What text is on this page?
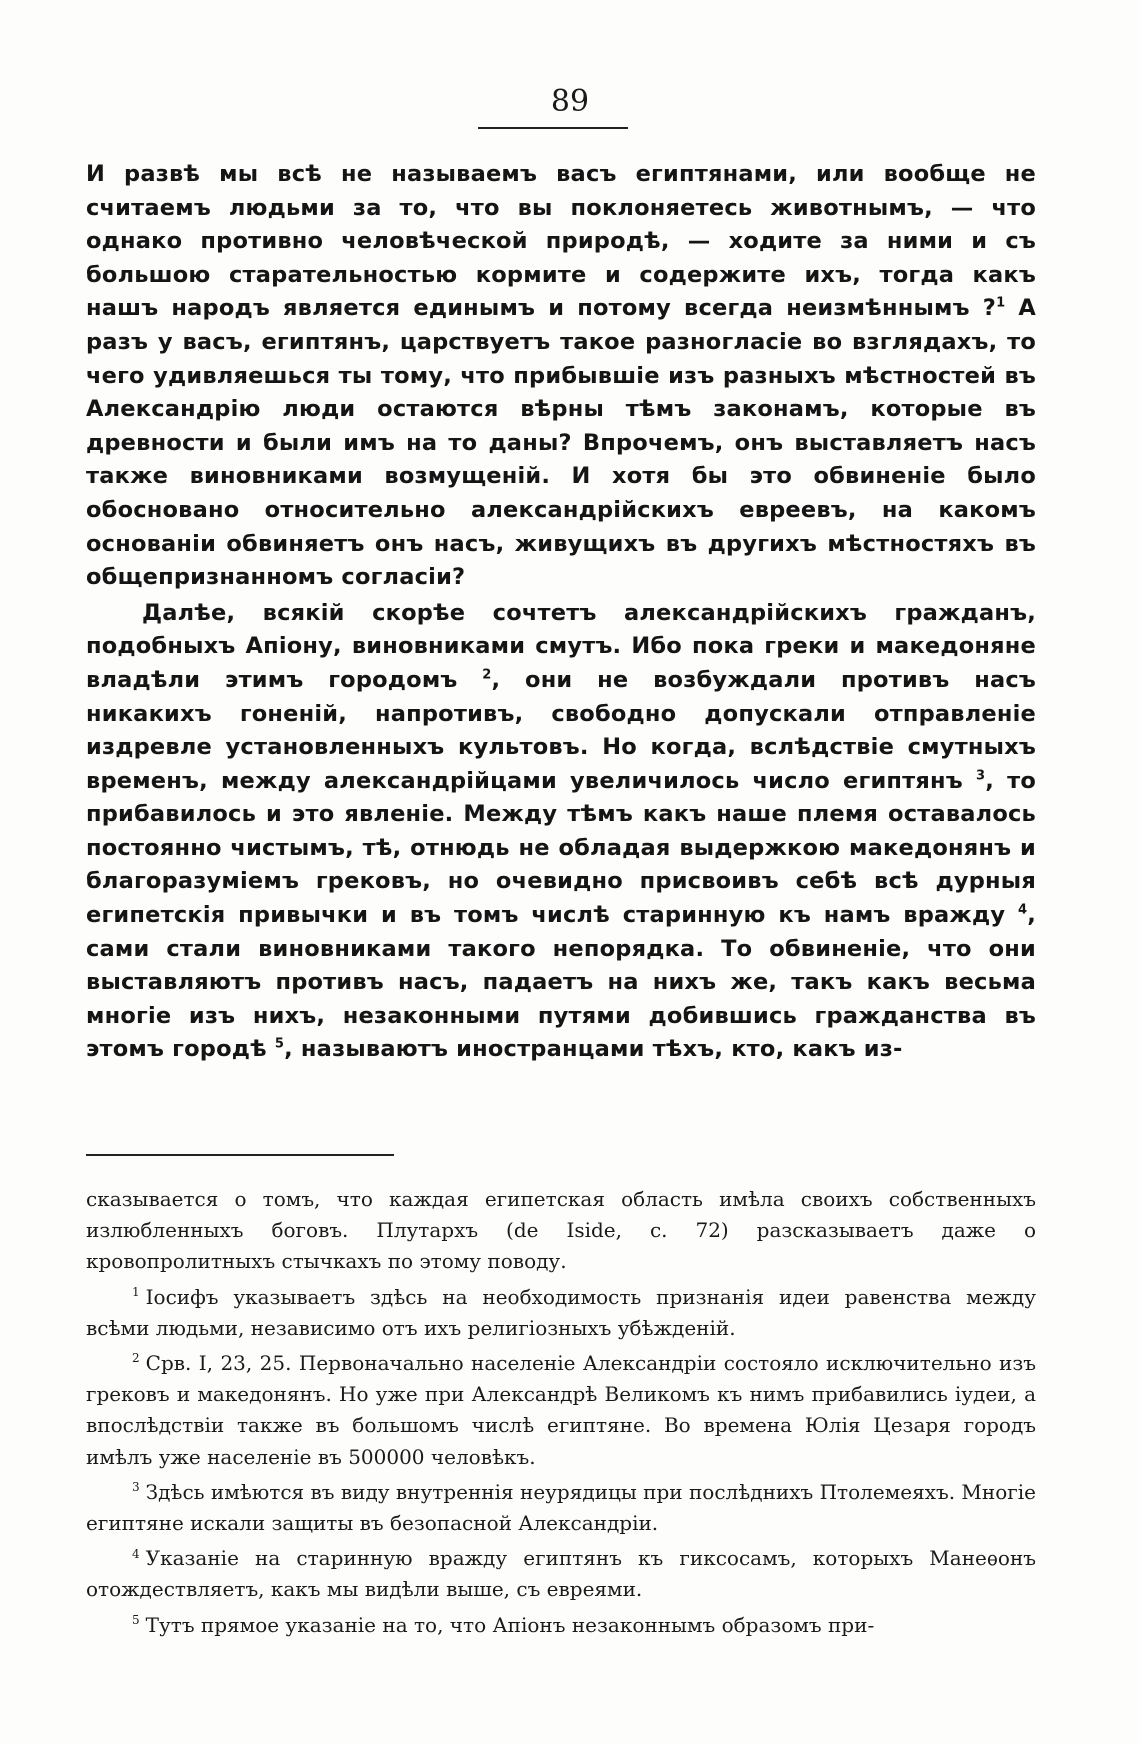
89

И развѣ мы всѣ не называемъ васъ египтянами, или вообще не считаемъ людьми за то, что вы поклоняетесь животнымъ, — что однако противно человѣческой природѣ, — ходите за ними и съ большою старательностью кормите и содержите ихъ, тогда какъ нашъ народъ является единымъ и потому всегда неизмѣннымъ ?$^1$ А разъ у васъ, египтянъ, царствуетъ такое разногласіе во взглядахъ, то чего удивляешься ты тому, что прибывшіе изъ разныхъ мѣстностей въ Александрію люди остаются вѣрны тѣмъ законамъ, которые въ древности и были имъ на то даны? Впрочемъ, онъ выставляетъ насъ также виновниками возмущеній. И хотя бы это обвиненіе было обосновано относительно александрійскихъ евреевъ, на какомъ основаніи обвиняетъ онъ насъ, живущихъ въ другихъ мѣстностяхъ въ общепризнанномъ согласіи?

Далѣе, всякій скорѣе сочтетъ александрійскихъ гражданъ, подобныхъ Апіону, виновниками смутъ. Ибо пока греки и македоняне владѣли этимъ городомъ $^2$, они не возбуждали противъ насъ никакихъ гоненій, напротивъ, свободно допускали отправленіе издревле установленныхъ культовъ. Но когда, вслѣдствіе смутныхъ временъ, между александрійцами увеличилось число египтянъ $^3$, то прибавилось и это явленіе. Между тѣмъ какъ наше племя оставалось постоянно чистымъ, тѣ, отнюдь не обладая выдержкою македонянъ и благоразуміемъ грековъ, но очевидно присвоивъ себѣ всѣ дурныя египетскія привычки и въ томъ числѣ старинную къ намъ вражду $^4$, сами стали виновниками такого непорядка. То обвиненіе, что они выставляютъ противъ насъ, падаетъ на нихъ же, такъ какъ весьма многіе изъ нихъ, незаконными путями добившись гражданства въ этомъ городѣ $^5$, называютъ иностранцами тѣхъ, кто, какъ из-

сказывается о томъ, что каждая египетская область имѣла своихъ собственныхъ излюбленныхъ боговъ. Плутархъ (de Iside, c. 72) разсказываетъ даже о кровопролитныхъ стычкахъ по этому поводу.

$^1$ Іосифъ указываетъ здѣсь на необходимость признанія идеи равенства между всѣми людьми, независимо отъ ихъ религіозныхъ убѣжденій.

$^2$ Срв. I, 23, 25. Первоначально населеніе Александріи состояло исключительно изъ грековъ и македонянъ. Но уже при Александрѣ Великомъ къ нимъ прибавились іудеи, а впослѣдствіи также въ большомъ числѣ египтяне. Во времена Юлія Цезаря городъ имѣлъ уже населеніе въ 500000 человѣкъ.

$^3$ Здѣсь имѣются въ виду внутреннія неурядицы при послѣднихъ Птолемеяхъ. Многіе египтяне искали защиты въ безопасной Александріи.

$^4$ Указаніе на старинную вражду египтянъ къ гиксосамъ, которыхъ Манеѳонъ отождествляетъ, какъ мы видѣли выше, съ евреями.

$^5$ Тутъ прямое указаніе на то, что Апіонъ незаконнымъ образомъ при-
